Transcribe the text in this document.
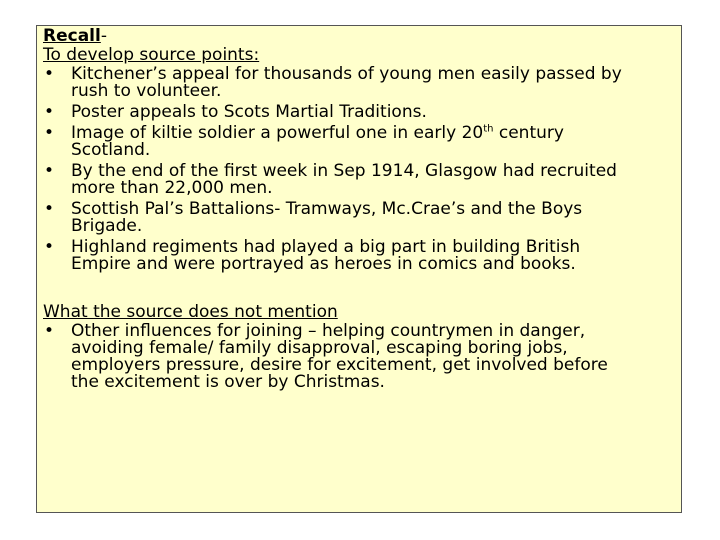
Recall-
To develop source points:
• Kitchener’s appeal for thousands of young men easily passed by
rush to volunteer.
• Poster appeals to Scots Martial Traditions.
• Image of kiltie soldier a powerful one in early 20th century
Scotland.
• By the end of the first week in Sep 1914, Glasgow had recruited
more than 22,000 men.
• Scottish Pal’s Battalions- Tramways, Mc.Crae’s and the Boys
Brigade.
• Highland regiments had played a big part in building British
Empire and were portrayed as heroes in comics and books.
What the source does not mention
• Other influences for joining – helping countrymen in danger,
avoiding female/ family disapproval, escaping boring jobs,
employers pressure, desire for excitement, get involved before
the excitement is over by Christmas.
